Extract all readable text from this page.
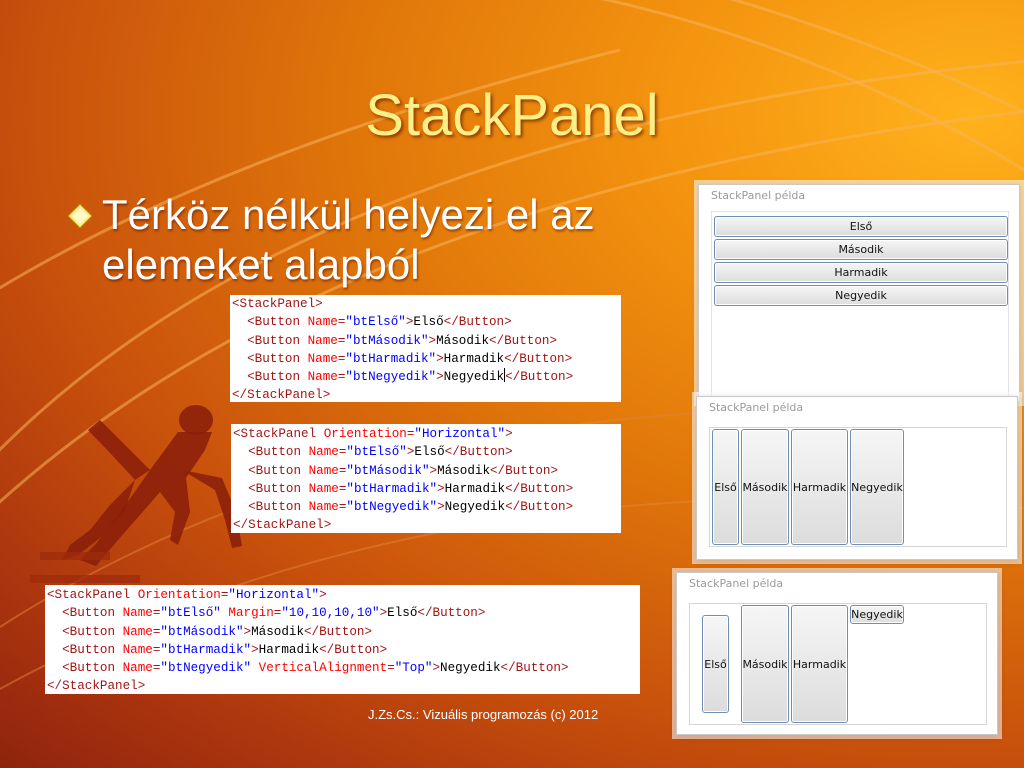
StackPanel
Térköz nélkül helyezi el az elemeket alapból
<StackPanel>
<Button Name="btElső">Első</Button>
<Button Name="btMásodik">Második</Button>
<Button Name="btHarmadik">Harmadik</Button>
<Button Name="btNegyedik">Negyedik</Button>
</StackPanel>
<StackPanel Orientation="Horizontal">
<Button Name="btElső">Első</Button>
<Button Name="btMásodik">Második</Button>
<Button Name="btHarmadik">Harmadik</Button>
<Button Name="btNegyedik">Negyedik</Button>
</StackPanel>
<StackPanel Orientation="Horizontal">
<Button Name="btElső" Margin="10,10,10,10">Első</Button>
<Button Name="btMásodik">Második</Button>
<Button Name="btHarmadik">Harmadik</Button>
<Button Name="btNegyedik" VerticalAlignment="Top">Negyedik</Button>
</StackPanel>
StackPanel példa
Első
Második
Harmadik
Negyedik
StackPanel példa
Első Második Harmadik Negyedik
StackPanel példa
Első Második Harmadik
Negyedik
J.Zs.Cs.: Vizuális programozás (c) 2012
